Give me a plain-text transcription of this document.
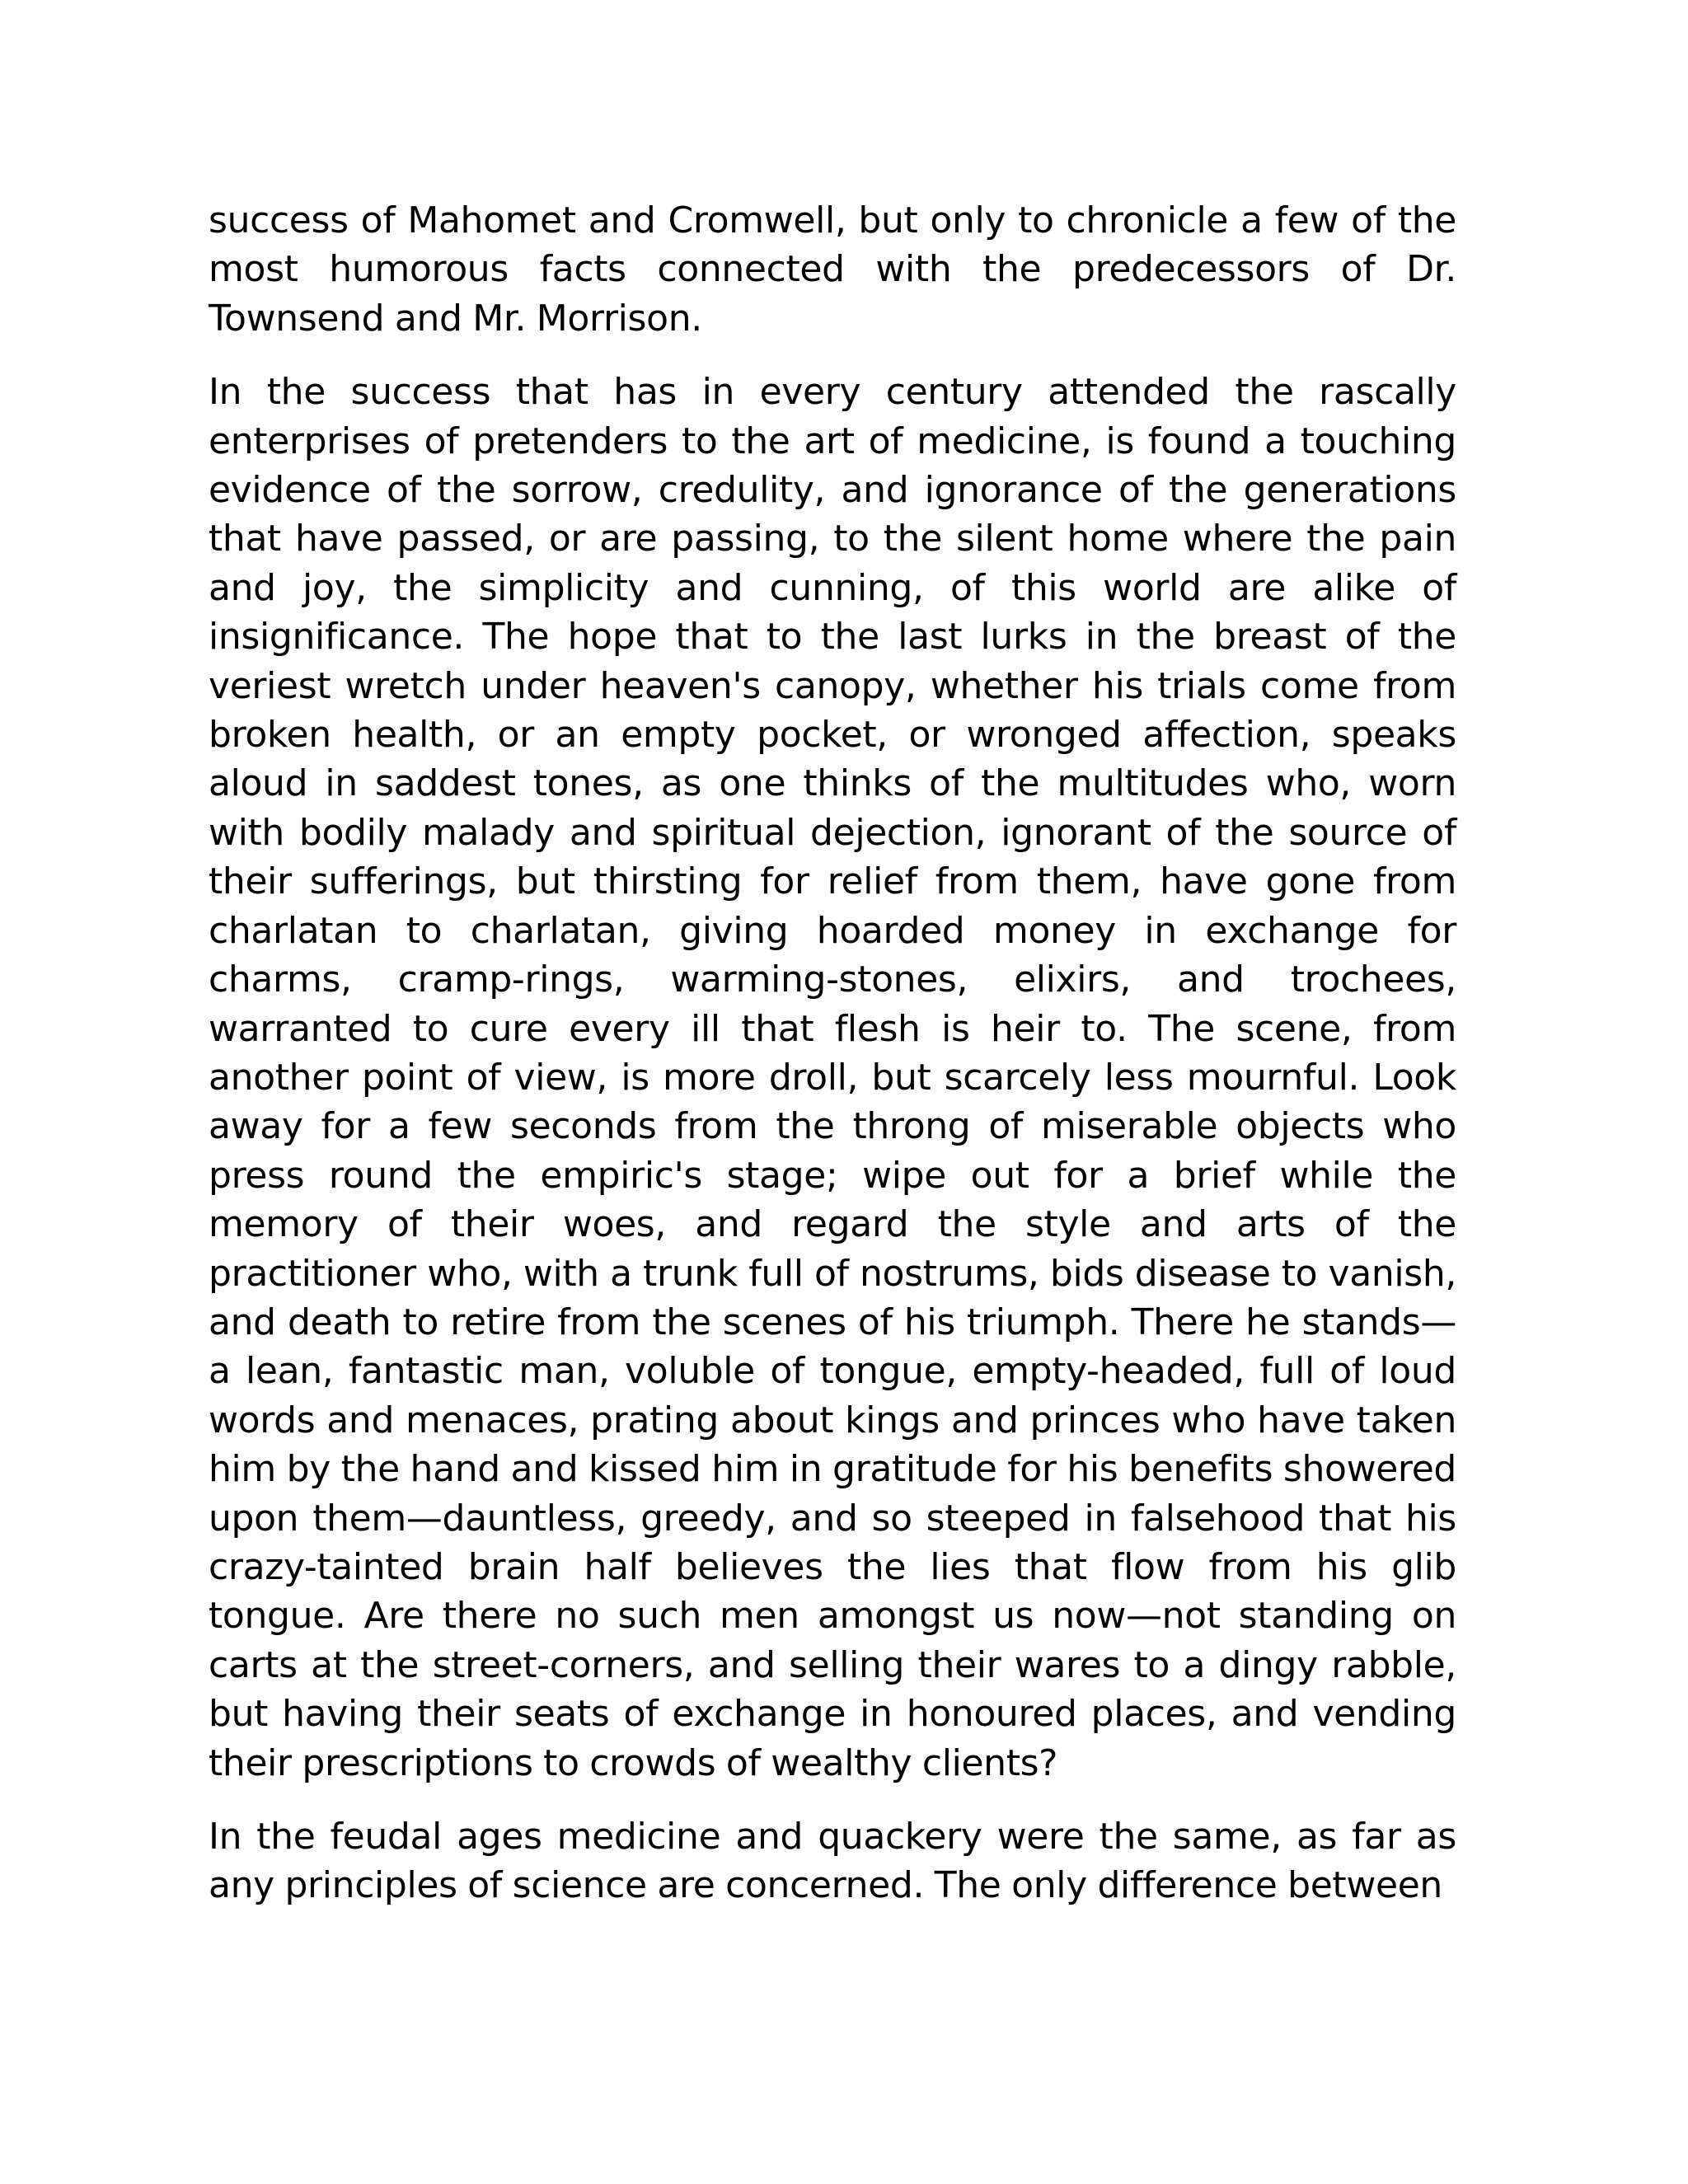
success of Mahomet and Cromwell, but only to chronicle a few of the most humorous facts connected with the predecessors of Dr. Townsend and Mr. Morrison.

In the success that has in every century attended the rascally enterprises of pretenders to the art of medicine, is found a touching evidence of the sorrow, credulity, and ignorance of the generations that have passed, or are passing, to the silent home where the pain and joy, the simplicity and cunning, of this world are alike of insignificance. The hope that to the last lurks in the breast of the veriest wretch under heaven's canopy, whether his trials come from broken health, or an empty pocket, or wronged affection, speaks aloud in saddest tones, as one thinks of the multitudes who, worn with bodily malady and spiritual dejection, ignorant of the source of their sufferings, but thirsting for relief from them, have gone from charlatan to charlatan, giving hoarded money in exchange for charms, cramp-rings, warming-stones, elixirs, and trochees, warranted to cure every ill that flesh is heir to. The scene, from another point of view, is more droll, but scarcely less mournful. Look away for a few seconds from the throng of miserable objects who press round the empiric's stage; wipe out for a brief while the memory of their woes, and regard the style and arts of the practitioner who, with a trunk full of nostrums, bids disease to vanish, and death to retire from the scenes of his triumph. There he stands—a lean, fantastic man, voluble of tongue, empty-headed, full of loud words and menaces, prating about kings and princes who have taken him by the hand and kissed him in gratitude for his benefits showered upon them—dauntless, greedy, and so steeped in falsehood that his crazy-tainted brain half believes the lies that flow from his glib tongue. Are there no such men amongst us now—not standing on carts at the street-corners, and selling their wares to a dingy rabble, but having their seats of exchange in honoured places, and vending their prescriptions to crowds of wealthy clients?

In the feudal ages medicine and quackery were the same, as far as any principles of science are concerned. The only difference between
